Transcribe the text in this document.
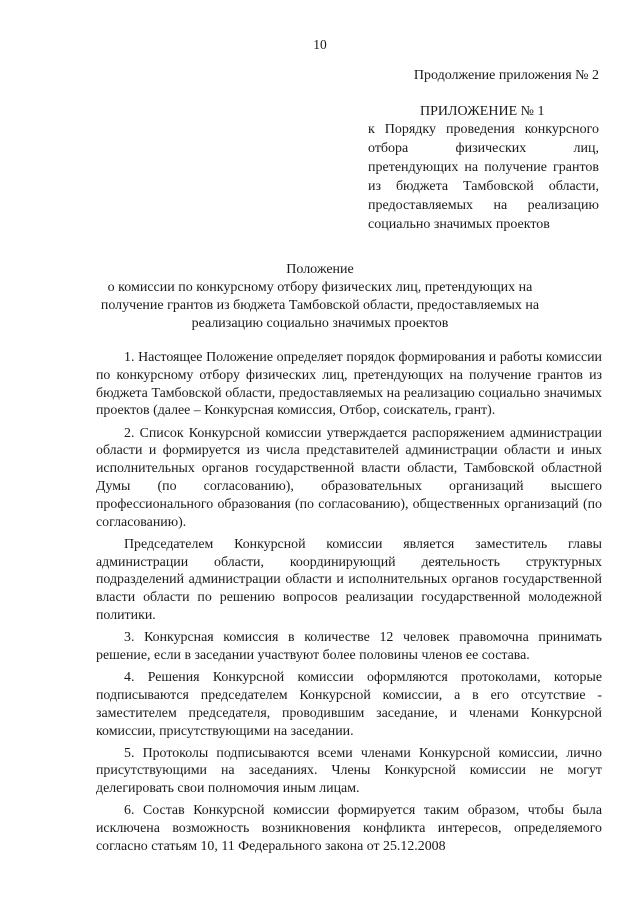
10
Продолжение приложения № 2
ПРИЛОЖЕНИЕ № 1
к Порядку проведения конкурсного отбора физических лиц, претендующих на получение грантов из бюджета Тамбовской области, предоставляемых на реализацию социально значимых проектов
Положение
о комиссии по конкурсному отбору физических лиц, претендующих на получение грантов из бюджета Тамбовской области, предоставляемых на реализацию социально значимых проектов

1. Настоящее Положение определяет порядок формирования и работы комиссии по конкурсному отбору физических лиц, претендующих на получение грантов из бюджета Тамбовской области, предоставляемых на реализацию социально значимых проектов (далее – Конкурсная комиссия, Отбор, соискатель, грант).

2. Список Конкурсной комиссии утверждается распоряжением администрации области и формируется из числа представителей администрации области и иных исполнительных органов государственной власти области, Тамбовской областной Думы (по согласованию), образовательных организаций высшего профессионального образования (по согласованию), общественных организаций (по согласованию).

Председателем Конкурсной комиссии является заместитель главы администрации области, координирующий деятельность структурных подразделений администрации области и исполнительных органов государственной власти области по решению вопросов реализации государственной молодежной политики.

3. Конкурсная комиссия в количестве 12 человек правомочна принимать решение, если в заседании участвуют более половины членов ее состава.

4. Решения Конкурсной комиссии оформляются протоколами, которые подписываются председателем Конкурсной комиссии, а в его отсутствие - заместителем председателя, проводившим заседание, и членами Конкурсной комиссии, присутствующими на заседании.

5. Протоколы подписываются всеми членами Конкурсной комиссии, лично присутствующими на заседаниях. Члены Конкурсной комиссии не могут делегировать свои полномочия иным лицам.

6. Состав Конкурсной комиссии формируется таким образом, чтобы была исключена возможность возникновения конфликта интересов, определяемого согласно статьям 10, 11 Федерального закона от 25.12.2008
